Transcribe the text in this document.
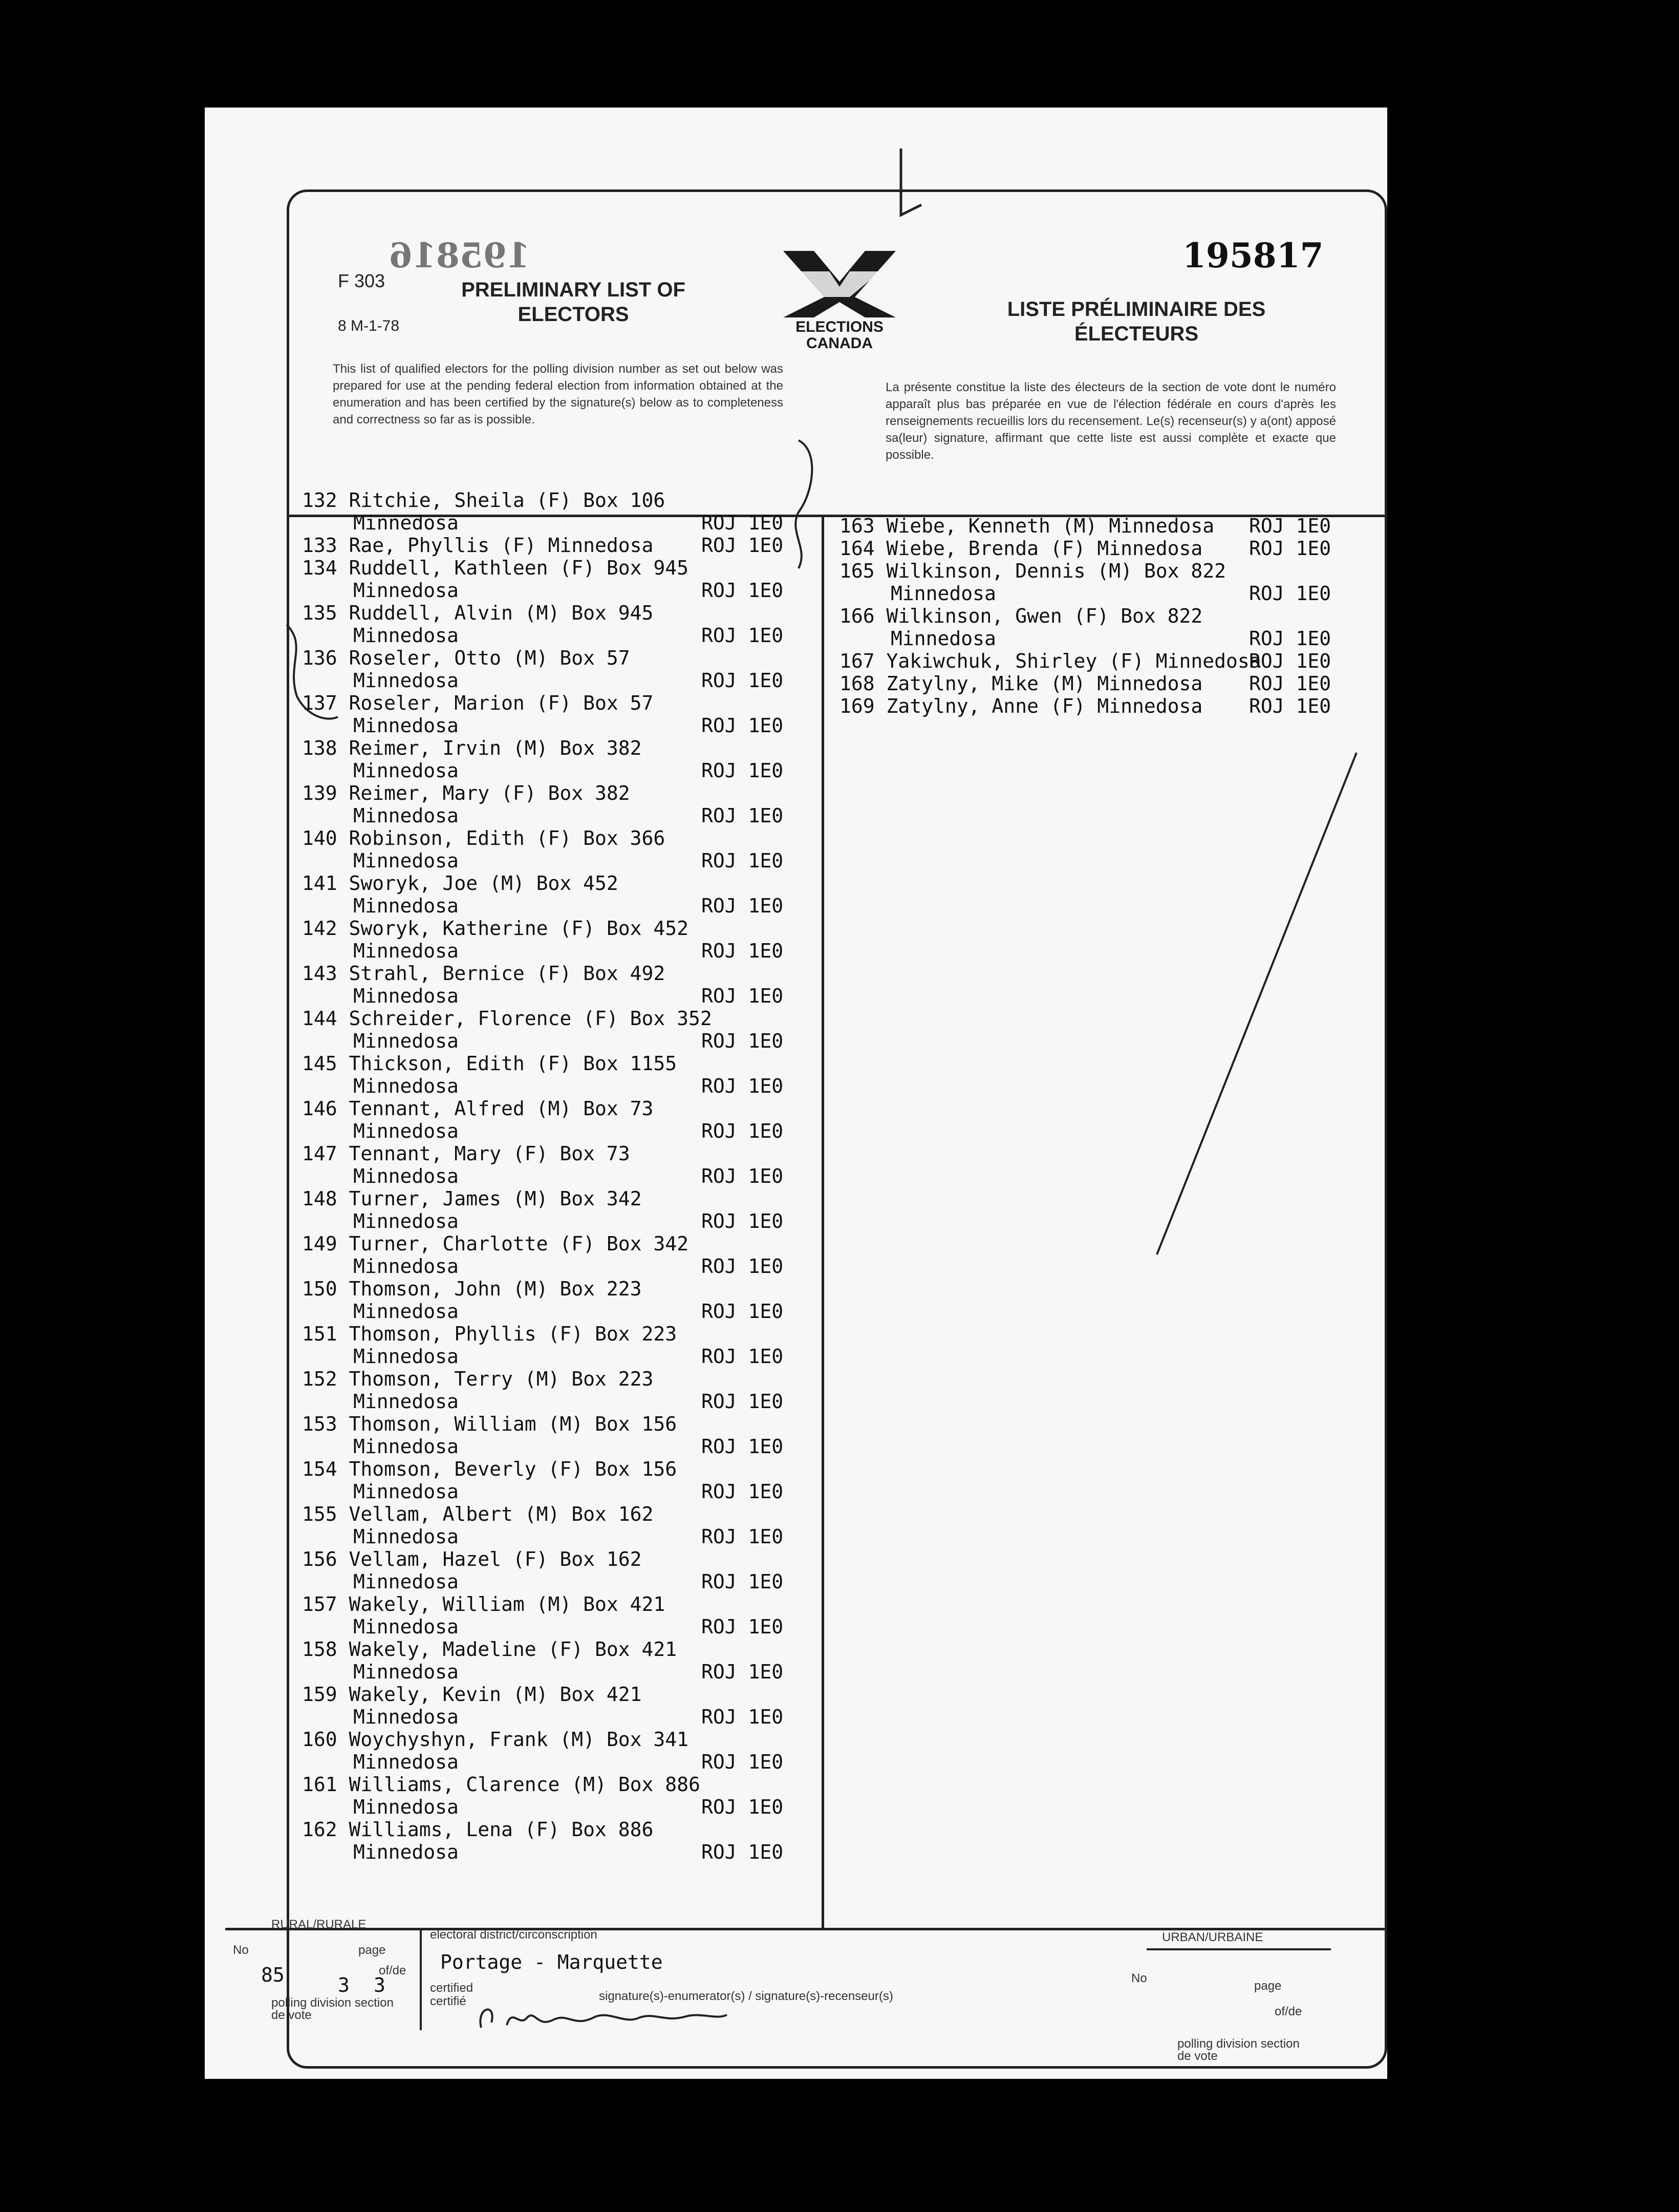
F 303
8 M-1-78
195816	195817
PRELIMINARY LIST OF ELECTORS	LISTE PRÉLIMINAIRE DES ÉLECTEURS
ELECTIONS
CANADA
This list of qualified electors for the polling division number as set out below was prepared for use at the pending federal election from information obtained at the enumeration and has been certified by the signature(s) below as to completeness and correctness so far as is possible.
La présente constitue la liste des électeurs de la section de vote dont le numéro apparaît plus bas préparée en vue de l'élection fédérale en cours d'après les renseignements recueillis lors du recensement. Le(s) recenseur(s) y a(ont) apposé sa(leur) signature, affirmant que cette liste est aussi complète et exacte que possible.
132 Ritchie, Sheila (F) Box 106
Minnedosa	ROJ 1E0
133 Rae, Phyllis (F) Minnedosa ROJ 1E0
134 Ruddell, Kathleen (F) Box 945
Minnedosa	ROJ 1E0
135 Ruddell, Alvin (M) Box 945
Minnedosa	ROJ 1E0
136 Roseler, Otto (M) Box 57
Minnedosa	ROJ 1E0
137 Roseler, Marion (F) Box 57
Minnedosa	ROJ 1E0
138 Reimer, Irvin (M) Box 382
Minnedosa	ROJ 1E0
139 Reimer, Mary (F) Box 382
Minnedosa	ROJ 1E0
140 Robinson, Edith (F) Box 366
Minnedosa	ROJ 1E0
141 Sworyk, Joe (M) Box 452
Minnedosa	ROJ 1E0
142 Sworyk, Katherine (F) Box 452
Minnedosa	ROJ 1E0
143 Strahl, Bernice (F) Box 492
Minnedosa	ROJ 1E0
144 Schreider, Florence (F) Box 352
Minnedosa	ROJ 1E0
145 Thickson, Edith (F) Box 1155
Minnedosa	ROJ 1E0
146 Tennant, Alfred (M) Box 73
Minnedosa	ROJ 1E0
147 Tennant, Mary (F) Box 73
Minnedosa	ROJ 1E0
148 Turner, James (M) Box 342
Minnedosa	ROJ 1E0
149 Turner, Charlotte (F) Box 342
Minnedosa	ROJ 1E0
150 Thomson, John (M) Box 223
Minnedosa	ROJ 1E0
151 Thomson, Phyllis (F) Box 223
Minnedosa	ROJ 1E0
152 Thomson, Terry (M) Box 223
Minnedosa	ROJ 1E0
153 Thomson, William (M) Box 156
Minnedosa	ROJ 1E0
154 Thomson, Beverly (F) Box 156
Minnedosa	ROJ 1E0
155 Vellam, Albert (M) Box 162
Minnedosa	ROJ 1E0
156 Vellam, Hazel (F) Box 162
Minnedosa	ROJ 1E0
157 Wakely, William (M) Box 421
Minnedosa	ROJ 1E0
158 Wakely, Madeline (F) Box 421
Minnedosa	ROJ 1E0
159 Wakely, Kevin (M) Box 421
Minnedosa	ROJ 1E0
160 Woychyshyn, Frank (M) Box 341
Minnedosa	ROJ 1E0
161 Williams, Clarence (M) Box 886
Minnedosa	ROJ 1E0
162 Williams, Lena (F) Box 886
Minnedosa	ROJ 1E0
163 Wiebe, Kenneth (M) Minnedosa ROJ 1E0
164 Wiebe, Brenda (F) Minnedosa ROJ 1E0
165 Wilkinson, Dennis (M) Box 822
Minnedosa	ROJ 1E0
166 Wilkinson, Gwen (F) Box 822
Minnedosa	ROJ 1E0
167 Yakiwchuk, Shirley (F) Minnedosa
ROJ 1E0
168 Zatylny, Mike (M) Minnedosa ROJ 1E0
169 Zatylny, Anne (F) Minnedosa ROJ 1E0
RURAL/RURALE
No	page
of/de
85	3 3
polling division section de vote
electoral district/circonscription
Portage - Marquette
certified certifié	signature(s)-enumerator(s) / signature(s)-recenseur(s)
URBAN/URBAINE
No
page
of/de
polling division section de vote
